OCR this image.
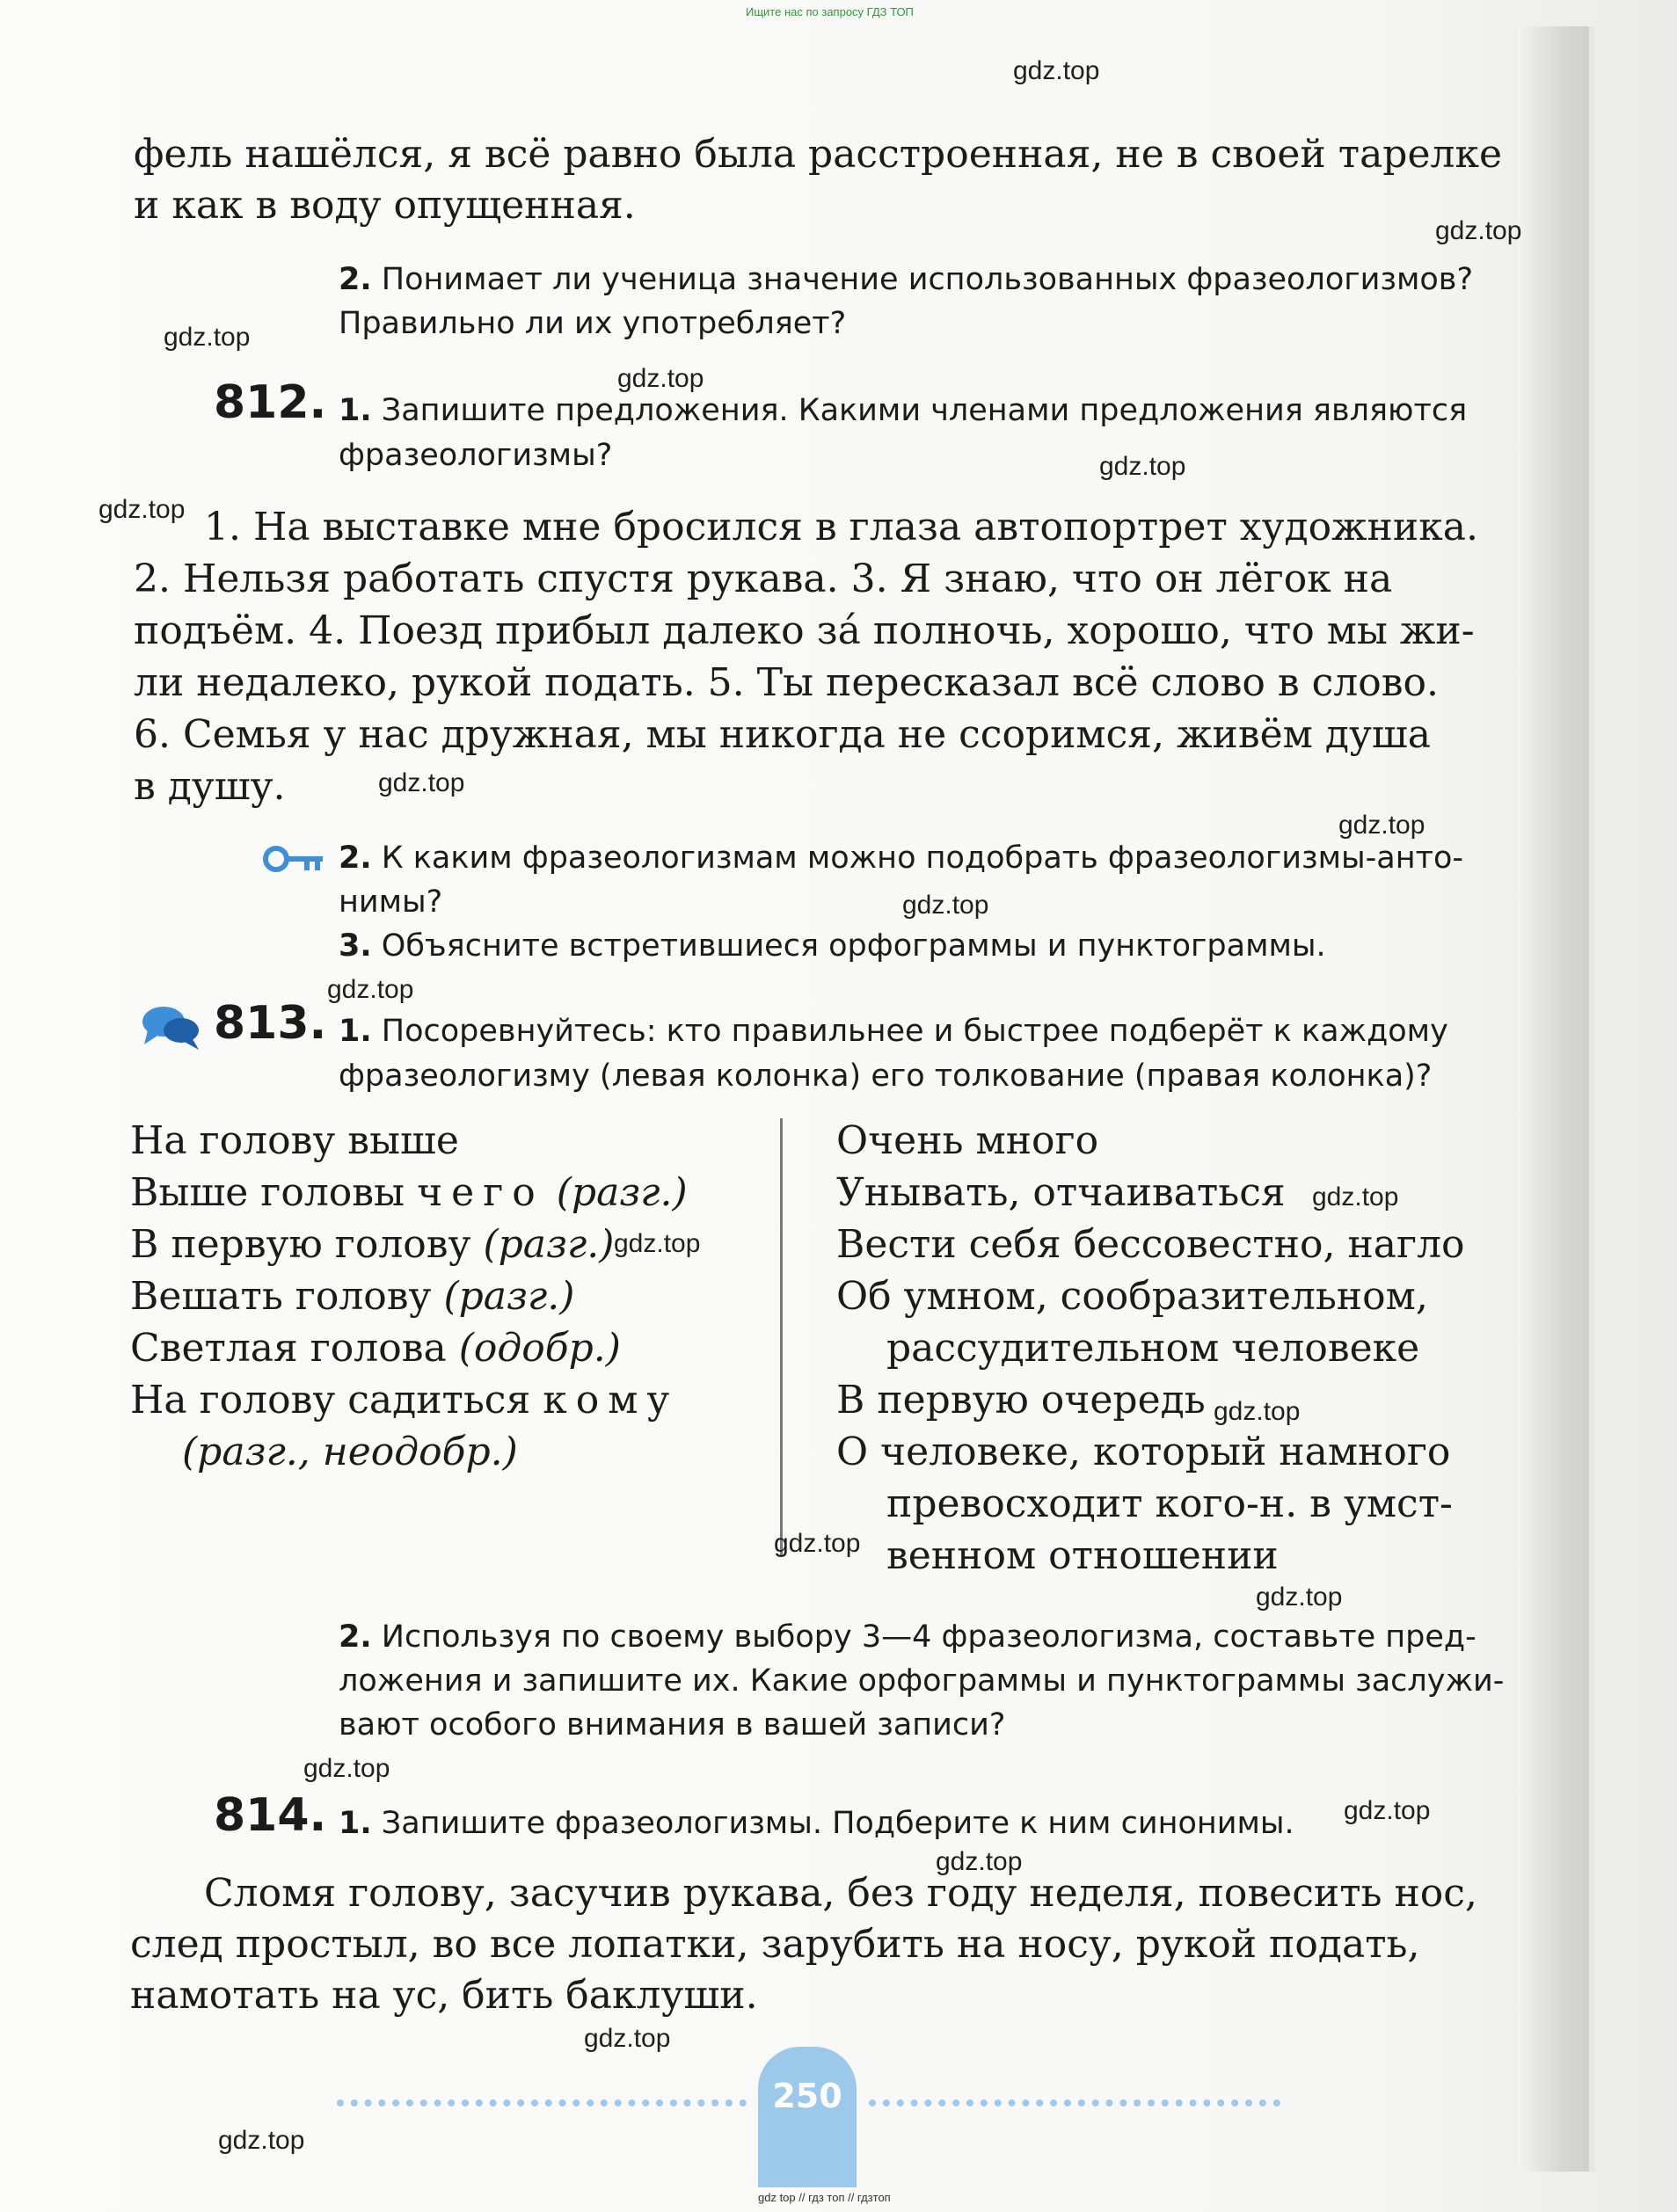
Ищите нас по запросу ГДЗ ТОП
gdz top // гдз топ // гдзтоп
фель нашёлся, я всё равно была расстроенная, не в своей тарелке
и как в воду опущенная.
2. Понимает ли ученица значение использованных фразеологизмов?
Правильно ли их употребляет?
812. 1. Запишите предложения. Какими членами предложения являются
фразеологизмы?
1. На выставке мне бросился в глаза автопортрет художника.
2. Нельзя работать спустя рукава. 3. Я знаю, что он лёгок на
подъём. 4. Поезд прибыл далеко зá полночь, хорошо, что мы жи-
ли недалеко, рукой подать. 5. Ты пересказал всё слово в слово.
6. Семья у нас дружная, мы никогда не ссоримся, живём душа
в душу.
2. К каким фразеологизмам можно подобрать фразеологизмы-анто-
нимы?
3. Объясните встретившиеся орфограммы и пунктограммы.
813. 1. Посоревнуйтесь: кто правильнее и быстрее подберёт к каждому
фразеологизму (левая колонка) его толкование (правая колонка)?
На голову выше
Выше головы чего (разг.)
В первую голову (разг.)
Вешать голову (разг.)
Светлая голова (одобр.)
На голову садиться кому
(разг., неодобр.)
Очень много
Унывать, отчаиваться
Вести себя бессовестно, нагло
Об умном, сообразительном,
рассудительном человеке
В первую очередь
О человеке, который намного
превосходит кого-н. в умст-
венном отношении
2. Используя по своему выбору 3—4 фразеологизма, составьте пред-
ложения и запишите их. Какие орфограммы и пунктограммы заслужи-
вают особого внимания в вашей записи?
814. 1. Запишите фразеологизмы. Подберите к ним синонимы.
Сломя голову, засучив рукава, без году неделя, повесить нос,
след простыл, во все лопатки, зарубить на носу, рукой подать,
намотать на ус, бить баклуши.
250
gdz.top
gdz.top
gdz.top
gdz.top
gdz.top
gdz.top
gdz.top
gdz.top
gdz.top
gdz.top
gdz.top
gdz.top
gdz.top
gdz.top
gdz.top
gdz.top
gdz.top
gdz.top
gdz.top
gdz.top
